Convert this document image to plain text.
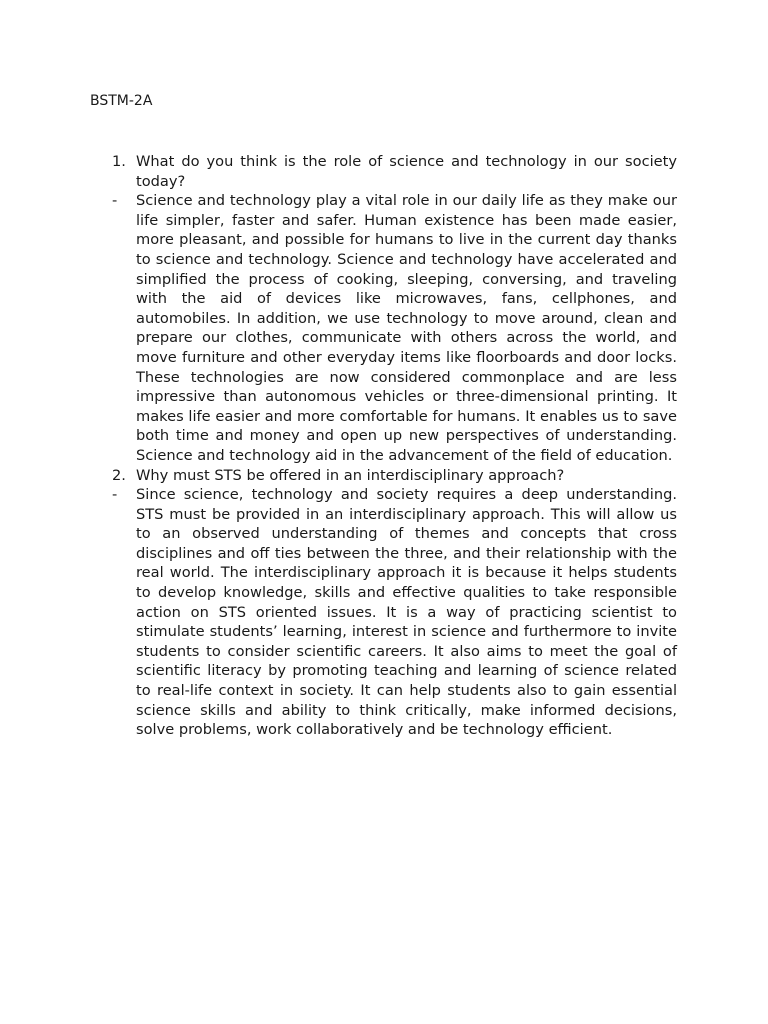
BSTM-2A
1. What do you think is the role of science and technology in our society today?
-	Science and technology play a vital role in our daily life as they make our life simpler, faster and safer. Human existence has been made easier, more pleasant, and possible for humans to live in the current day thanks to science and technology. Science and technology have accelerated and simplified the process of cooking, sleeping, conversing, and traveling with the aid of devices like microwaves, fans, cellphones, and automobiles. In addition, we use technology to move around, clean and prepare our clothes, communicate with others across the world, and move furniture and other everyday items like floorboards and door locks. These technologies are now considered commonplace and are less impressive than autonomous vehicles or three-dimensional printing. It makes life easier and more comfortable for humans. It enables us to save both time and money and open up new perspectives of understanding. Science and technology aid in the advancement of the field of education.
2. Why must STS be offered in an interdisciplinary approach?
-	Since science, technology and society requires a deep understanding. STS must be provided in an interdisciplinary approach. This will allow us to an observed understanding of themes and concepts that cross disciplines and off ties between the three, and their relationship with the real world. The interdisciplinary approach it is because it helps students to develop knowledge, skills and effective qualities to take responsible action on STS oriented issues. It is a way of practicing scientist to stimulate students’ learning, interest in science and furthermore to invite students to consider scientific careers. It also aims to meet the goal of scientific literacy by promoting teaching and learning of science related to real-life context in society. It can help students also to gain essential science skills and ability to think critically, make informed decisions, solve problems, work collaboratively and be technology efficient.
